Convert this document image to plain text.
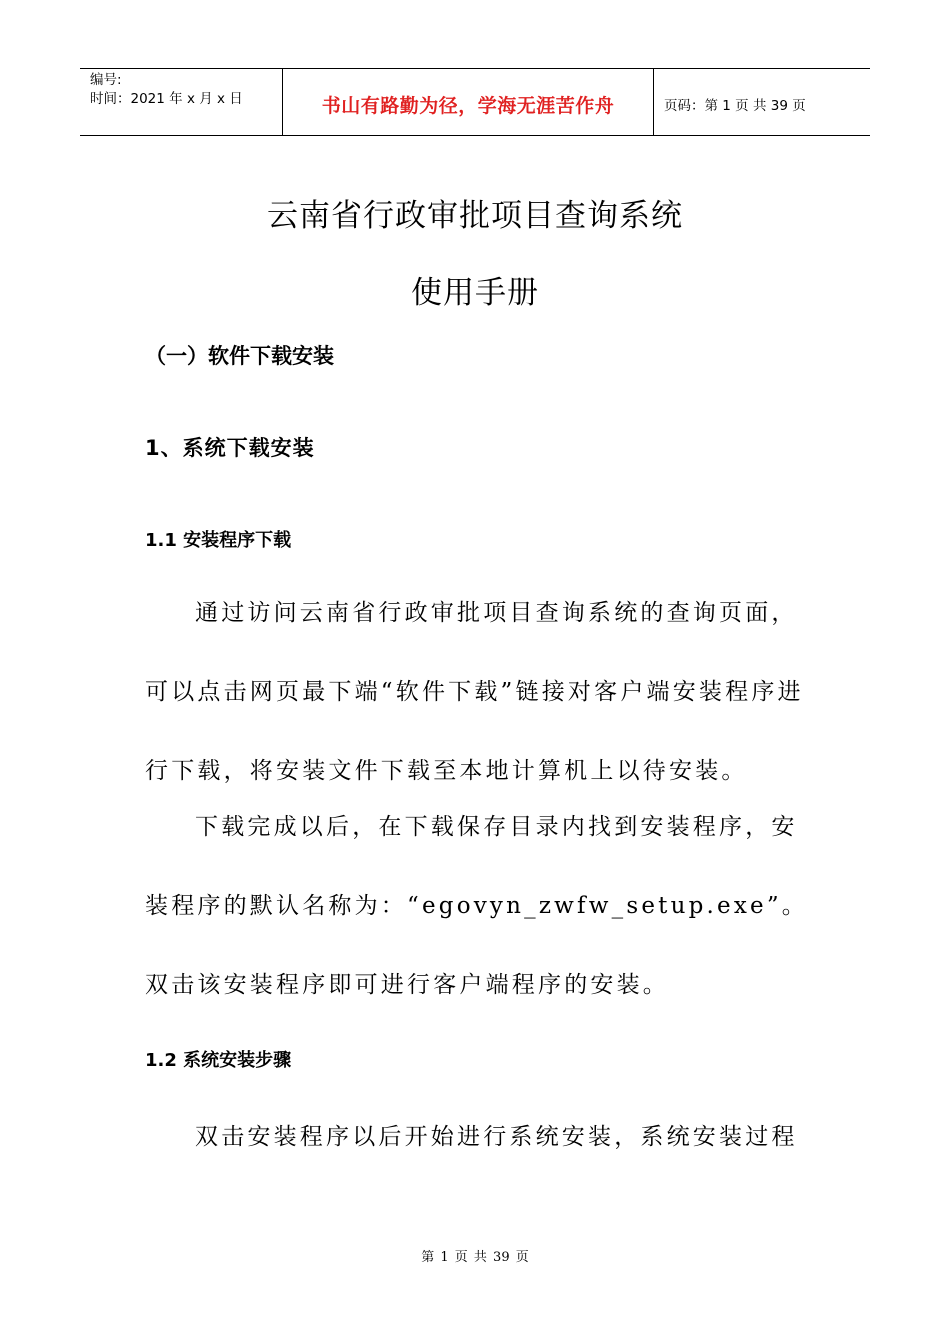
编号:
时间：2021 年 x 月 x 日	书山有路勤为径，学海无涯苦作舟	页码：第 1 页 共 39 页
云南省行政审批项目查询系统
使用手册
（一）软件下载安装
1、系统下载安装
1.1 安装程序下载

通过访问云南省行政审批项目查询系统的查询页面，可以点击网页最下端“软件下载”链接对客户端安装程序进行下载，将安装文件下载至本地计算机上以待安装。

下载完成以后，在下载保存目录内找到安装程序，安装程序的默认名称为：“egovyn_zwfw_setup.exe”。双击该安装程序即可进行客户端程序的安装。

1.2 系统安装步骤

双击安装程序以后开始进行系统安装，系统安装过程

第 1 页 共 39 页
